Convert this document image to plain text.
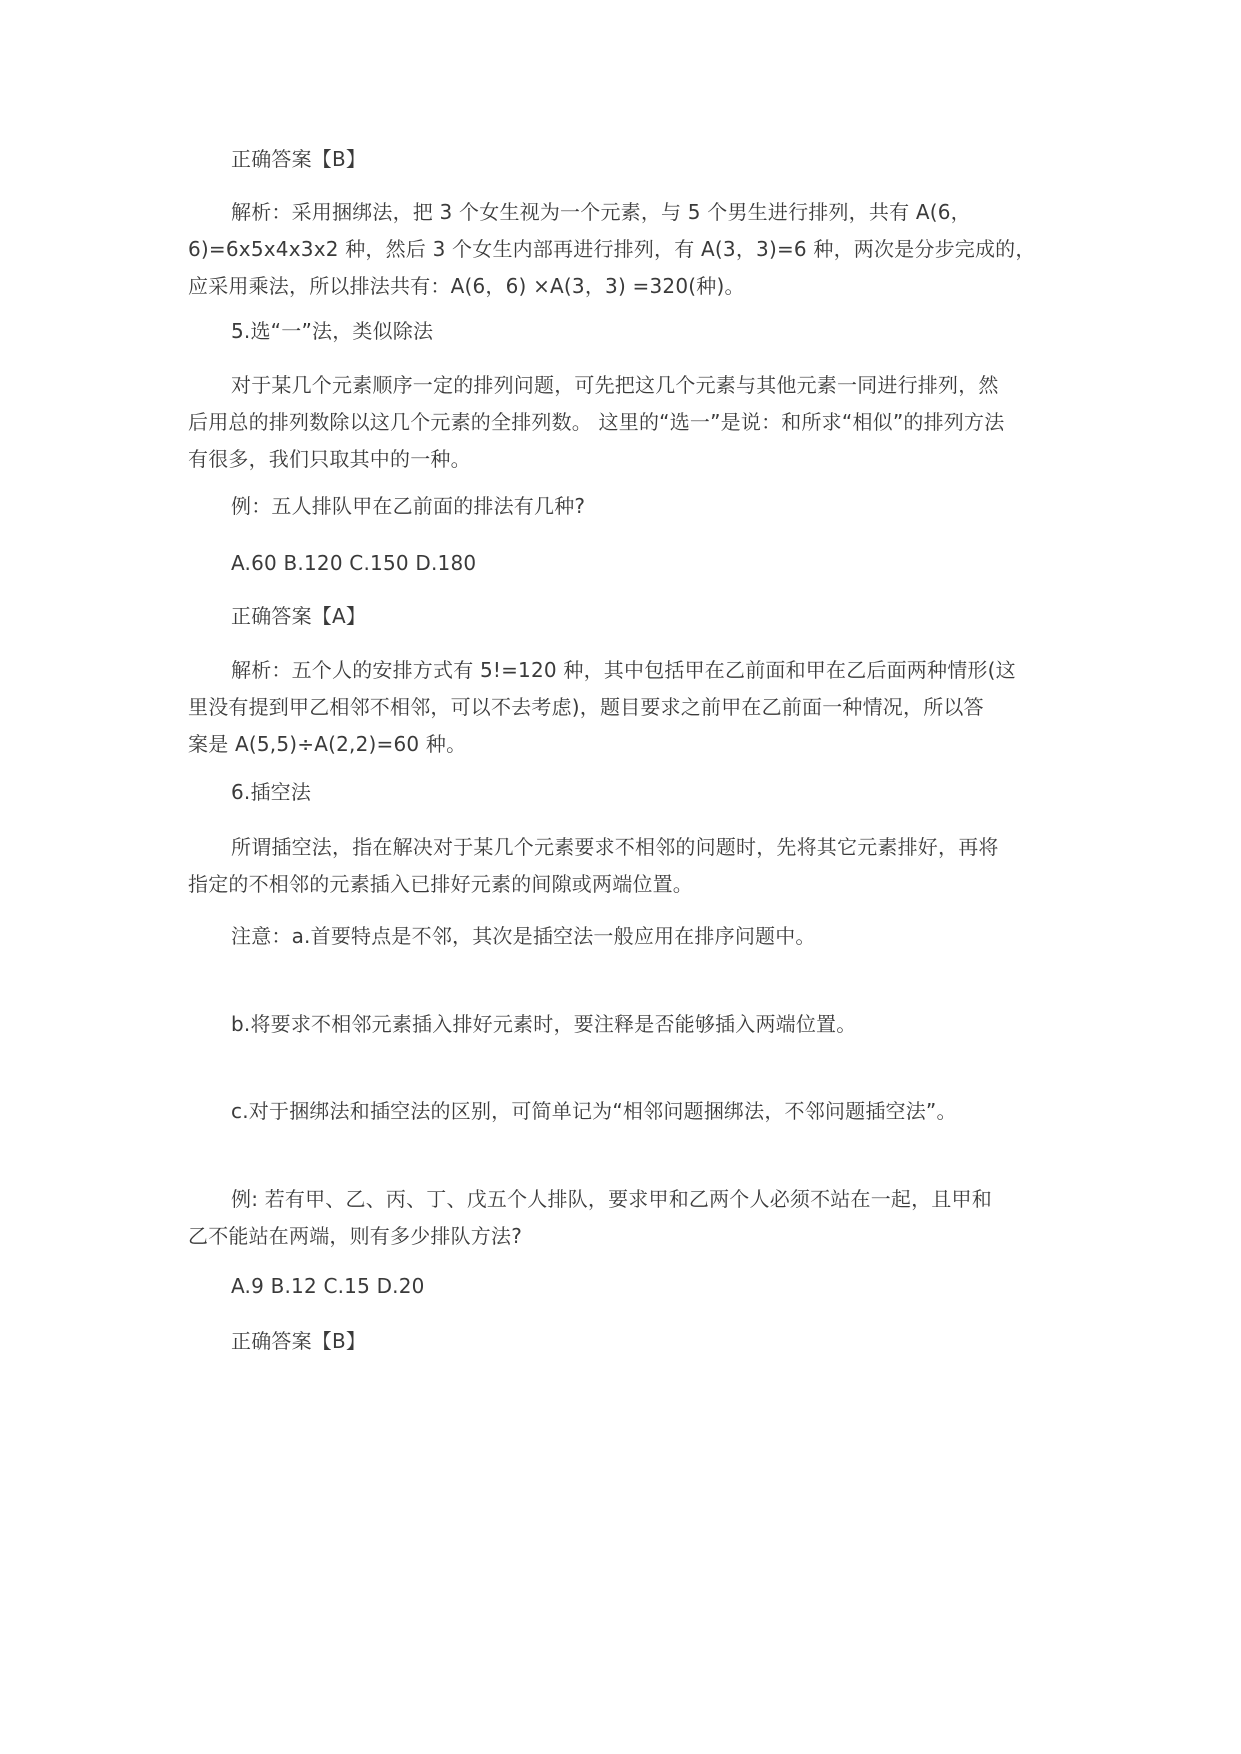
正确答案【B】

解析：采用捆绑法，把 3 个女生视为一个元素，与 5 个男生进行排列，共有 A(6，
6)=6x5x4x3x2 种，然后 3 个女生内部再进行排列，有 A(3，3)=6 种，两次是分步完成的，
应采用乘法，所以排法共有：A(6，6) ×A(3，3) =320(种)。

5.选“一”法，类似除法

对于某几个元素顺序一定的排列问题，可先把这几个元素与其他元素一同进行排列，然
后用总的排列数除以这几个元素的全排列数。 这里的“选一”是说：和所求“相似”的排列方法
有很多，我们只取其中的一种。

例：五人排队甲在乙前面的排法有几种?

A.60 B.120 C.150 D.180

正确答案【A】

解析：五个人的安排方式有 5!=120 种，其中包括甲在乙前面和甲在乙后面两种情形(这
里没有提到甲乙相邻不相邻，可以不去考虑)，题目要求之前甲在乙前面一种情况，所以答
案是 A(5,5)÷A(2,2)=60 种。

6.插空法

所谓插空法，指在解决对于某几个元素要求不相邻的问题时，先将其它元素排好，再将
指定的不相邻的元素插入已排好元素的间隙或两端位置。

注意：a.首要特点是不邻，其次是插空法一般应用在排序问题中。

b.将要求不相邻元素插入排好元素时，要注释是否能够插入两端位置。

c.对于捆绑法和插空法的区别，可简单记为“相邻问题捆绑法，不邻问题插空法”。

例: 若有甲、乙、丙、丁、戊五个人排队，要求甲和乙两个人必须不站在一起，且甲和
乙不能站在两端，则有多少排队方法?

A.9 B.12 C.15 D.20

正确答案【B】
